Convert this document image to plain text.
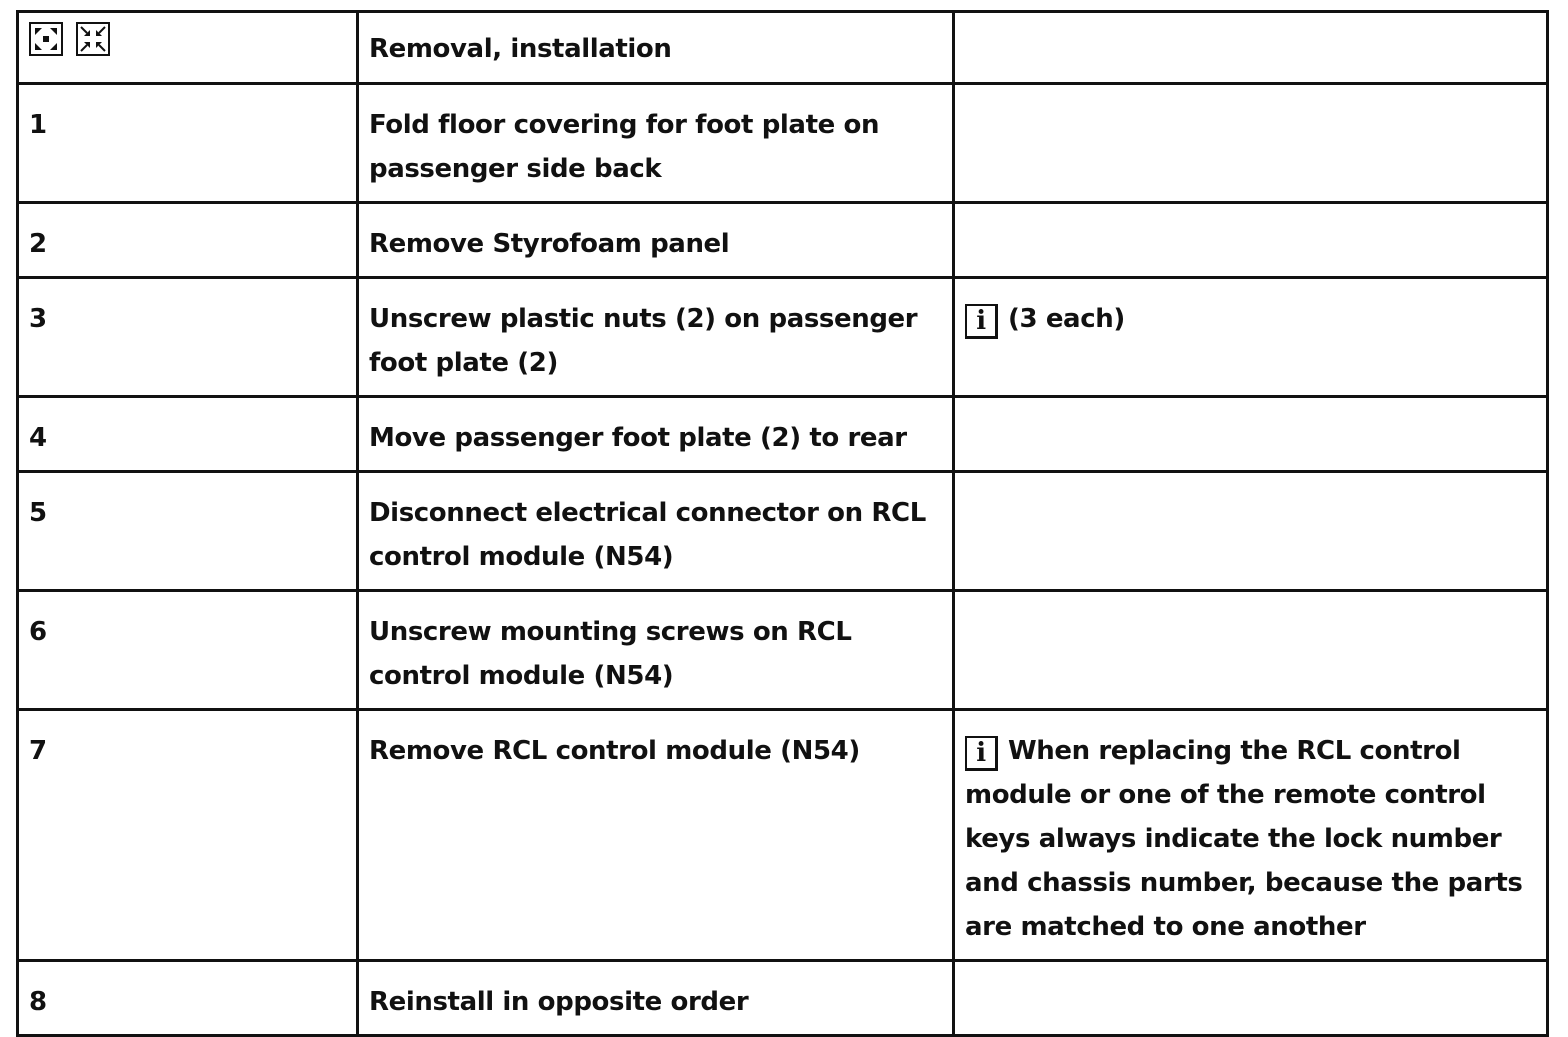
	Removal, installation	
1	Fold floor covering for foot plate on passenger side back	
2	Remove Styrofoam panel	
3	Unscrew plastic nuts (2) on passenger foot plate (2)	i (3 each)
4	Move passenger foot plate (2) to rear	
5	Disconnect electrical connector on RCL control module (N54)	
6	Unscrew mounting screws on RCL control module (N54)	
7	Remove RCL control module (N54)	i When replacing the RCL control module or one of the remote control keys always indicate the lock number and chassis number, because the parts are matched to one another
8	Reinstall in opposite order	
